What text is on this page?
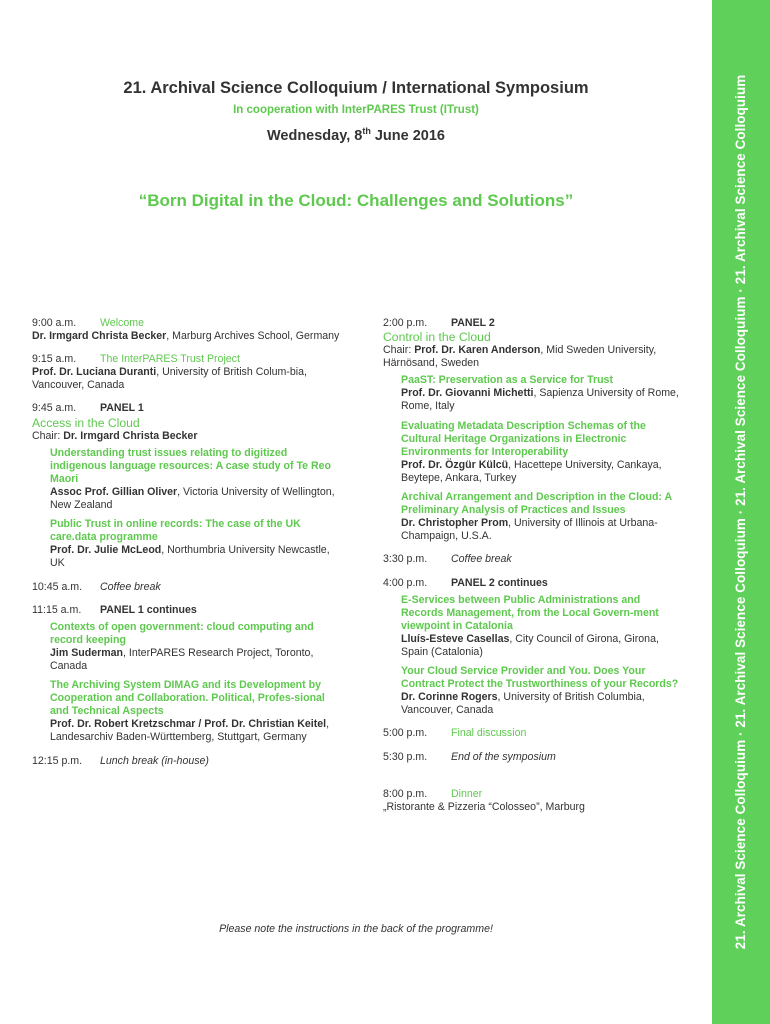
21. Archival Science Colloquium · 21. Archival Science Colloquium · 21. Archival Science Colloquium · 21. Archival Science Colloquium
21. Archival Science Colloquium / International Symposium
In cooperation with InterPARES Trust (ITrust)
Wednesday, 8th June 2016
“Born Digital in the Cloud: Challenges and Solutions”
9:00 a.m. Welcome
Dr. Irmgard Christa Becker, Marburg Archives School, Germany
9:15 a.m. The InterPARES Trust Project
Prof. Dr. Luciana Duranti, University of British Colum-bia, Vancouver, Canada
9:45 a.m. PANEL 1
Access in the Cloud
Chair: Dr. Irmgard Christa Becker
Understanding trust issues relating to digitized indigenous language resources: A case study of Te Reo Maori
Assoc Prof. Gillian Oliver, Victoria University of Wellington, New Zealand
Public Trust in online records: The case of the UK care.data programme
Prof. Dr. Julie McLeod, Northumbria University Newcastle, UK
10:45 a.m. Coffee break
11:15 a.m. PANEL 1 continues
Contexts of open government: cloud computing and record keeping
Jim Suderman, InterPARES Research Project, Toronto, Canada
The Archiving System DIMAG and its Development by Cooperation and Collaboration. Political, Profes-sional and Technical Aspects
Prof. Dr. Robert Kretzschmar / Prof. Dr. Christian Keitel, Landesarchiv Baden-Württemberg, Stuttgart, Germany
12:15 p.m. Lunch break (in-house)
2:00 p.m. PANEL 2
Control in the Cloud
Chair: Prof. Dr. Karen Anderson, Mid Sweden University, Härnösand, Sweden
PaaST: Preservation as a Service for Trust
Prof. Dr. Giovanni Michetti, Sapienza University of Rome, Rome, Italy
Evaluating Metadata Description Schemas of the Cultural Heritage Organizations in Electronic Environments for Interoperability
Prof. Dr. Özgür Külcü, Hacettepe University, Cankaya, Beytepe, Ankara, Turkey
Archival Arrangement and Description in the Cloud: A Preliminary Analysis of Practices and Issues
Dr. Christopher Prom, University of Illinois at Urbana-Champaign, U.S.A.
3:30 p.m. Coffee break
4:00 p.m. PANEL 2 continues
E-Services between Public Administrations and Records Management, from the Local Govern-ment viewpoint in Catalonia
Lluís-Esteve Casellas, City Council of Girona, Girona, Spain (Catalonia)
Your Cloud Service Provider and You. Does Your Contract Protect the Trustworthiness of your Records?
Dr. Corinne Rogers, University of British Columbia, Vancouver, Canada
5:00 p.m. Final discussion
5:30 p.m. End of the symposium
8:00 p.m. Dinner
„Ristorante & Pizzeria “Colosseo”, Marburg
Please note the instructions in the back of the programme!
